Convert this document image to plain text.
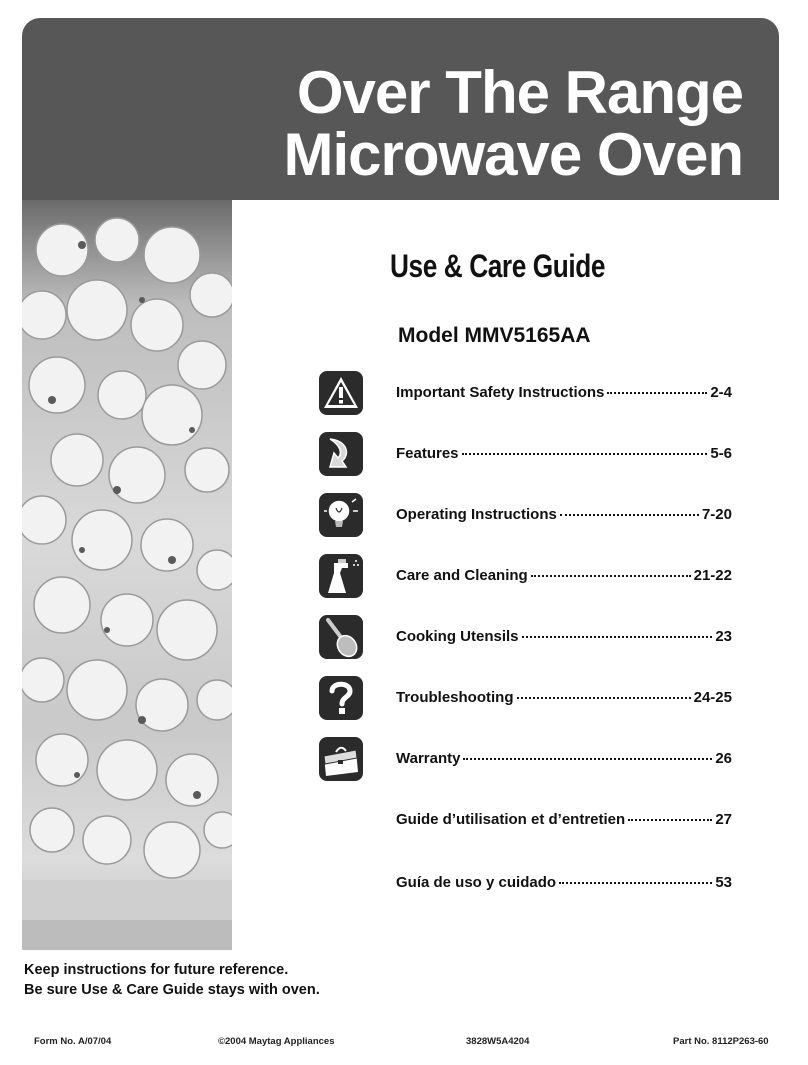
Over The Range
Microwave Oven
Use & Care Guide
Model MMV5165AA
Important Safety Instructions	2-4
Features	5-6
Operating Instructions	7-20
Care and Cleaning	21-22
Cooking Utensils	23
Troubleshooting	24-25
Warranty	26
Guide d’utilisation et d’entretien	27
Guía de uso y cuidado	53
Keep instructions for future reference.
Be sure Use & Care Guide stays with oven.
Form No. A/07/04	©2004 Maytag Appliances	3828W5A4204	Part No. 8112P263-60
